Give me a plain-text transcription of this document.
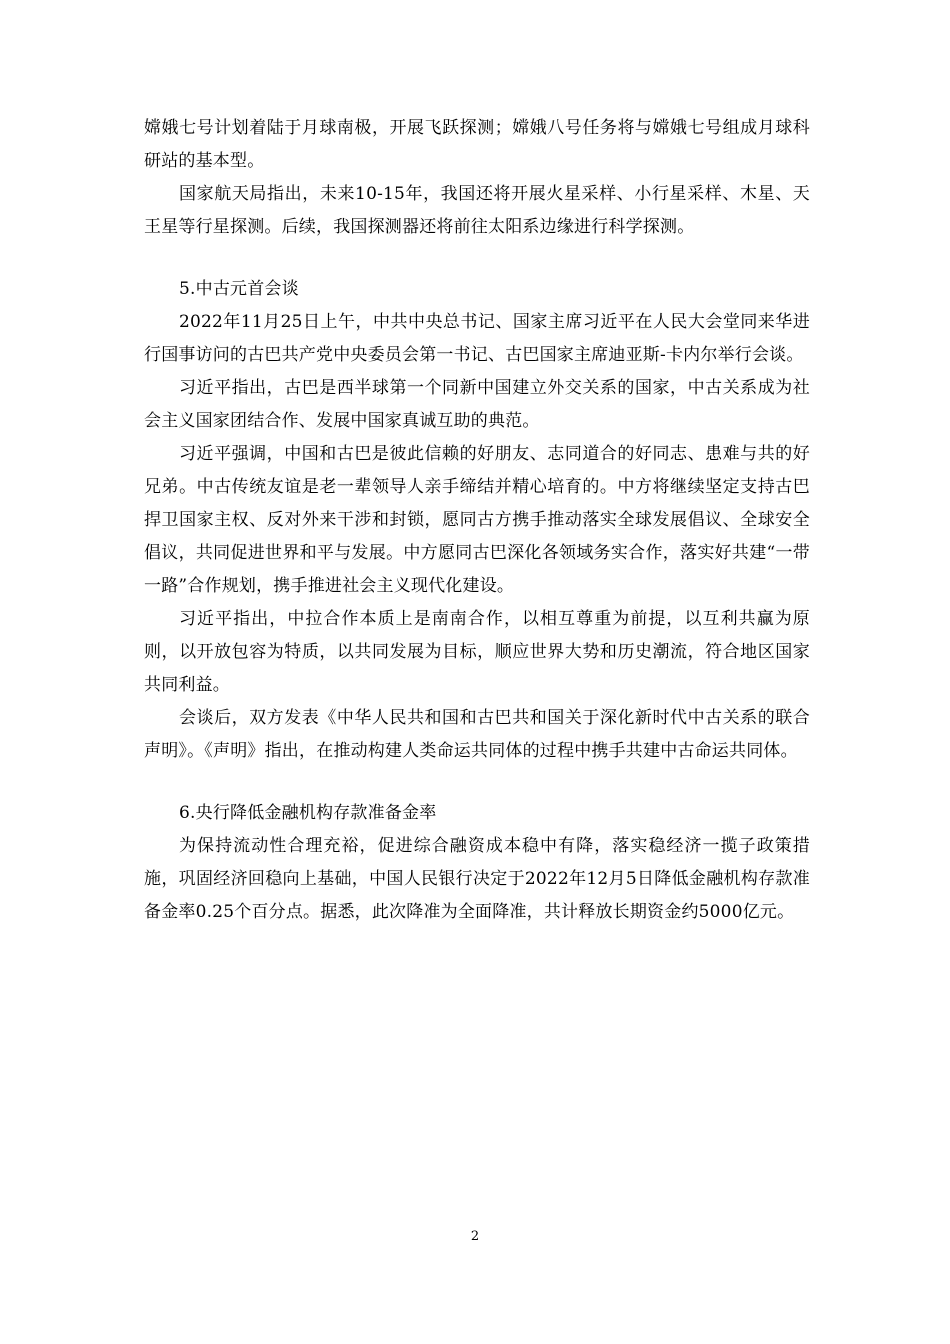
嫦娥七号计划着陆于月球南极，开展飞跃探测；嫦娥八号任务将与嫦娥七号组成月球科研站的基本型。

国家航天局指出，未来10-15年，我国还将开展火星采样、小行星采样、木星、天王星等行星探测。后续，我国探测器还将前往太阳系边缘进行科学探测。

5.中古元首会谈

2022年11月25日上午，中共中央总书记、国家主席习近平在人民大会堂同来华进行国事访问的古巴共产党中央委员会第一书记、古巴国家主席迪亚斯-卡内尔举行会谈。

习近平指出，古巴是西半球第一个同新中国建立外交关系的国家，中古关系成为社会主义国家团结合作、发展中国家真诚互助的典范。

习近平强调，中国和古巴是彼此信赖的好朋友、志同道合的好同志、患难与共的好兄弟。中古传统友谊是老一辈领导人亲手缔结并精心培育的。中方将继续坚定支持古巴捍卫国家主权、反对外来干涉和封锁，愿同古方携手推动落实全球发展倡议、全球安全倡议，共同促进世界和平与发展。中方愿同古巴深化各领域务实合作，落实好共建“一带一路”合作规划，携手推进社会主义现代化建设。

习近平指出，中拉合作本质上是南南合作，以相互尊重为前提，以互利共赢为原则，以开放包容为特质，以共同发展为目标，顺应世界大势和历史潮流，符合地区国家共同利益。

会谈后，双方发表《中华人民共和国和古巴共和国关于深化新时代中古关系的联合声明》。《声明》指出，在推动构建人类命运共同体的过程中携手共建中古命运共同体。

6.央行降低金融机构存款准备金率

为保持流动性合理充裕，促进综合融资成本稳中有降，落实稳经济一揽子政策措施，巩固经济回稳向上基础，中国人民银行决定于2022年12月5日降低金融机构存款准备金率0.25个百分点。据悉，此次降准为全面降准，共计释放长期资金约5000亿元。

2
